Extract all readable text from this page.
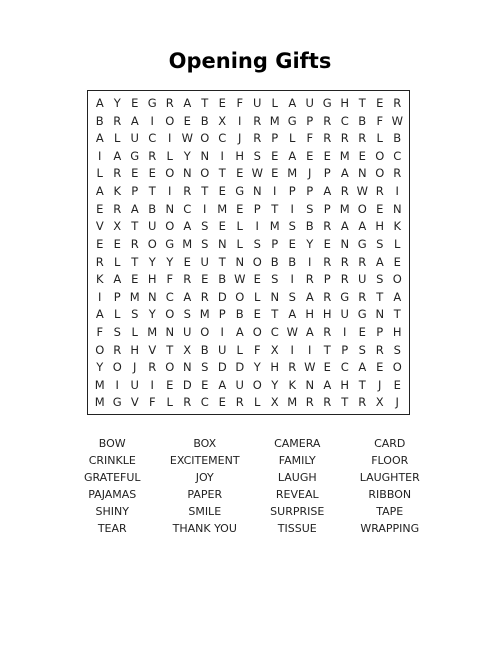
Opening Gifts
A Y E G R A T E F U L A U G H T E R
B R A	I O E B X	I	R M G P R C B F W
A L U C	I W O C	J	R P L F R R R L B
I	A G R L Y N	I H S E A E E M E O C
L R E E O N O T E W E M J	P A N O R
A K P T	I	R T E G N	I	P P A R W R	I
E R A B N C	I M E P T	I	S P M O E N
V X T U O A S E L	I M S B R A A H K
E E R O G M S N L S P E Y E N G S L
R L T Y Y E U T N O B B	I	R R R A E
K A E H F R E B W E S	I	R P R U S O
I	P M N C A R D O L N S A R G R T A
A L S Y O S M P B E T A H H U G N T
F S L M N U O I	A O C W A R	I	E P H
O R H V T X B U L F X	I	I	T P S R S
Y O J	R O N S D D Y H R W E C A E O
M I	U	I	E D E A U O Y K N A H T	J	E
M G V F L R C E R L X M R R T R X	J
BOW	BOX	CAMERA	CARD
CRINKLE	EXCITEMENT	FAMILY	FLOOR
GRATEFUL	JOY	LAUGH	LAUGHTER
PAJAMAS	PAPER	REVEAL	RIBBON
SHINY	SMILE	SURPRISE	TAPE
TEAR	THANK YOU	TISSUE	WRAPPING
